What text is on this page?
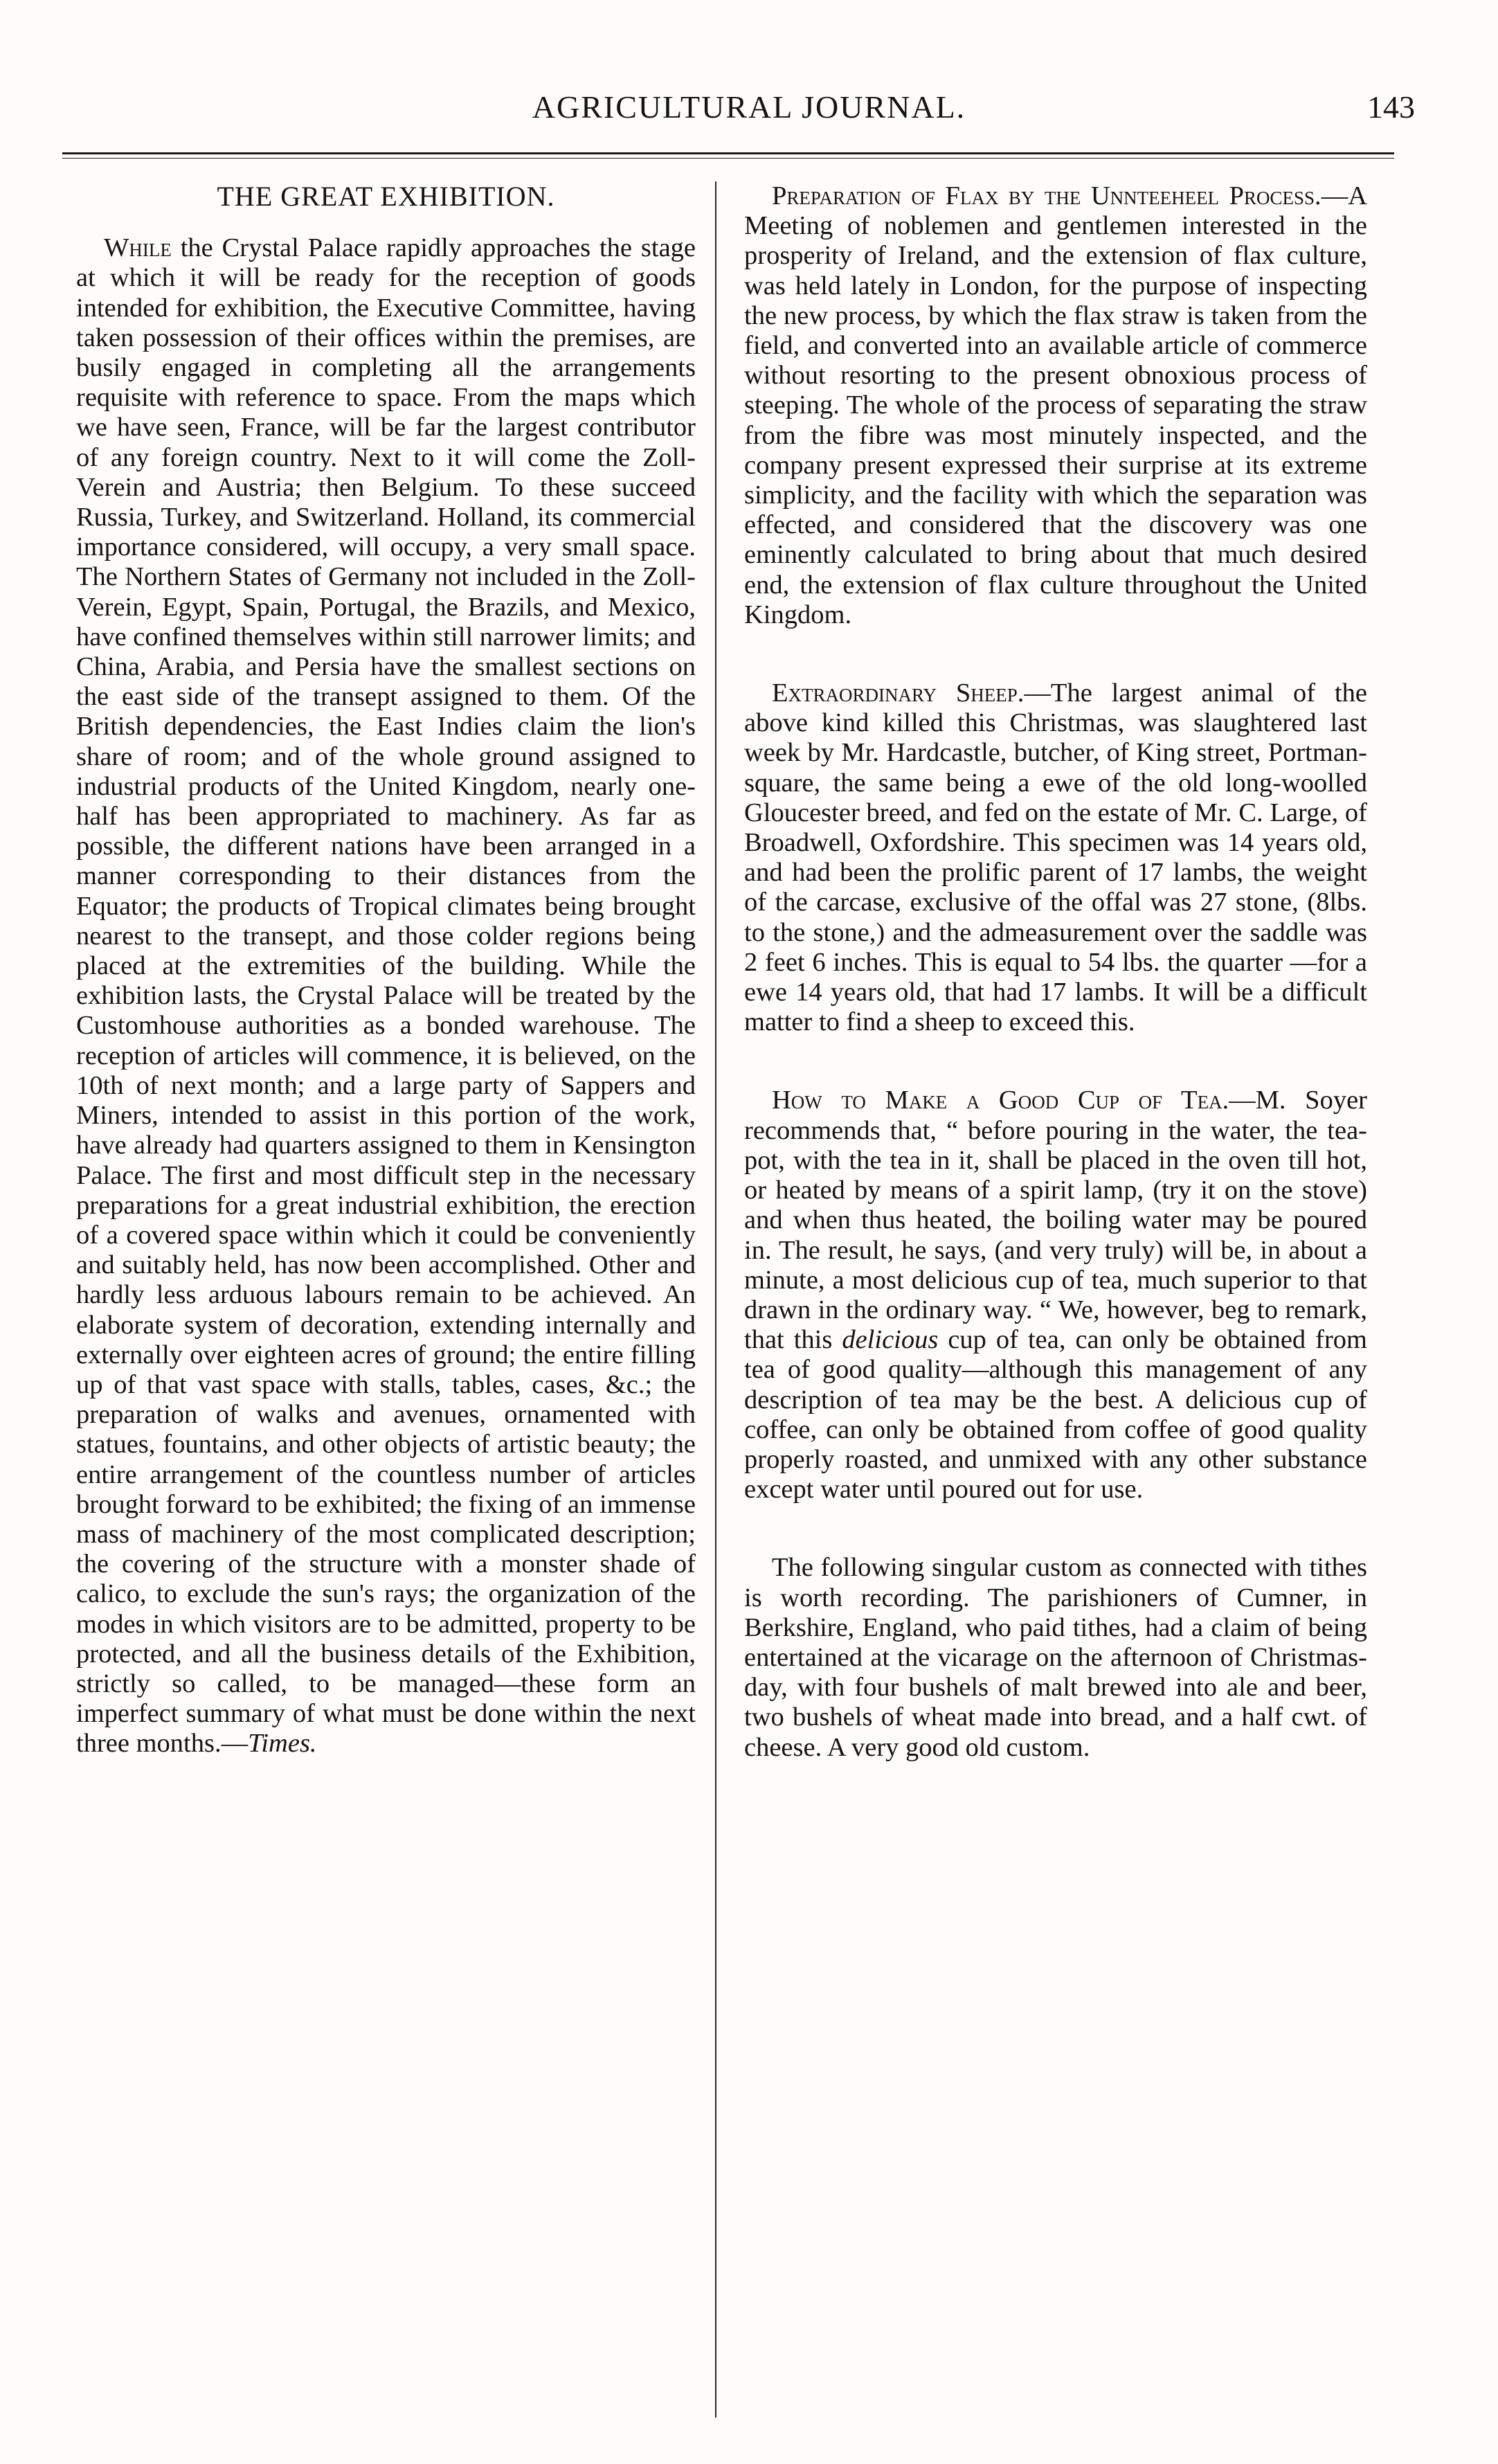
AGRICULTURAL JOURNAL.	143
THE GREAT EXHIBITION.

While the Crystal Palace rapidly approaches the stage at which it will be ready for the reception of goods intended for exhibition, the Executive Committee, having taken possession of their offices within the premises, are busily engaged in completing all the arrangements requisite with reference to space. From the maps which we have seen, France, will be far the largest contributor of any foreign country. Next to it will come the Zoll-Verein and Austria; then Belgium. To these succeed Russia, Turkey, and Switzerland. Holland, its commercial importance considered, will occupy, a very small space. The Northern States of Germany not included in the Zoll-Verein, Egypt, Spain, Portugal, the Brazils, and Mexico, have confined themselves within still narrower limits; and China, Arabia, and Persia have the smallest sections on the east side of the transept assigned to them. Of the British dependencies, the East Indies claim the lion's share of room; and of the whole ground assigned to industrial products of the United Kingdom, nearly one-half has been appropriated to machinery. As far as possible, the different nations have been arranged in a manner corresponding to their distances from the Equator; the products of Tropical climates being brought nearest to the transept, and those colder regions being placed at the extremities of the building. While the exhibition lasts, the Crystal Palace will be treated by the Customhouse authorities as a bonded warehouse. The reception of articles will commence, it is believed, on the 10th of next month; and a large party of Sappers and Miners, intended to assist in this portion of the work, have already had quarters assigned to them in Kensington Palace. The first and most difficult step in the necessary preparations for a great industrial exhibition, the erection of a covered space within which it could be conveniently and suitably held, has now been accomplished. Other and hardly less arduous labours remain to be achieved. An elaborate system of decoration, extending internally and externally over eighteen acres of ground; the entire filling up of that vast space with stalls, tables, cases, &c.; the preparation of walks and avenues, ornamented with statues, fountains, and other objects of artistic beauty; the entire arrangement of the countless number of articles brought forward to be exhibited; the fixing of an immense mass of machinery of the most complicated description; the covering of the structure with a monster shade of calico, to exclude the sun's rays; the organization of the modes in which visitors are to be admitted, property to be protected, and all the business details of the Exhibition, strictly so called, to be managed—these form an imperfect summary of what must be done within the next three months.—Times.

Preparation of Flax by the Unnteeheel Process.—A Meeting of noblemen and gentlemen interested in the prosperity of Ireland, and the extension of flax culture, was held lately in London, for the purpose of inspecting the new process, by which the flax straw is taken from the field, and converted into an available article of commerce without resorting to the present obnoxious process of steeping. The whole of the process of separating the straw from the fibre was most minutely inspected, and the company present expressed their surprise at its extreme simplicity, and the facility with which the separation was effected, and considered that the discovery was one eminently calculated to bring about that much desired end, the extension of flax culture throughout the United Kingdom.

Extraordinary Sheep.—The largest animal of the above kind killed this Christmas, was slaughtered last week by Mr. Hardcastle, butcher, of King street, Portman-square, the same being a ewe of the old long-woolled Gloucester breed, and fed on the estate of Mr. C. Large, of Broadwell, Oxfordshire. This specimen was 14 years old, and had been the prolific parent of 17 lambs, the weight of the carcase, exclusive of the offal was 27 stone, (8lbs. to the stone,) and the admeasurement over the saddle was 2 feet 6 inches. This is equal to 54 lbs. the quarter —for a ewe 14 years old, that had 17 lambs. It will be a difficult matter to find a sheep to exceed this.

How to Make a Good Cup of Tea.—M. Soyer recommends that, “ before pouring in the water, the tea-pot, with the tea in it, shall be placed in the oven till hot, or heated by means of a spirit lamp, (try it on the stove) and when thus heated, the boiling water may be poured in. The result, he says, (and very truly) will be, in about a minute, a most delicious cup of tea, much superior to that drawn in the ordinary way. “ We, however, beg to remark, that this delicious cup of tea, can only be obtained from tea of good quality—although this management of any description of tea may be the best. A delicious cup of coffee, can only be obtained from coffee of good quality properly roasted, and unmixed with any other substance except water until poured out for use.

The following singular custom as connected with tithes is worth recording. The parishioners of Cumner, in Berkshire, England, who paid tithes, had a claim of being entertained at the vicarage on the afternoon of Christmas-day, with four bushels of malt brewed into ale and beer, two bushels of wheat made into bread, and a half cwt. of cheese. A very good old custom.
